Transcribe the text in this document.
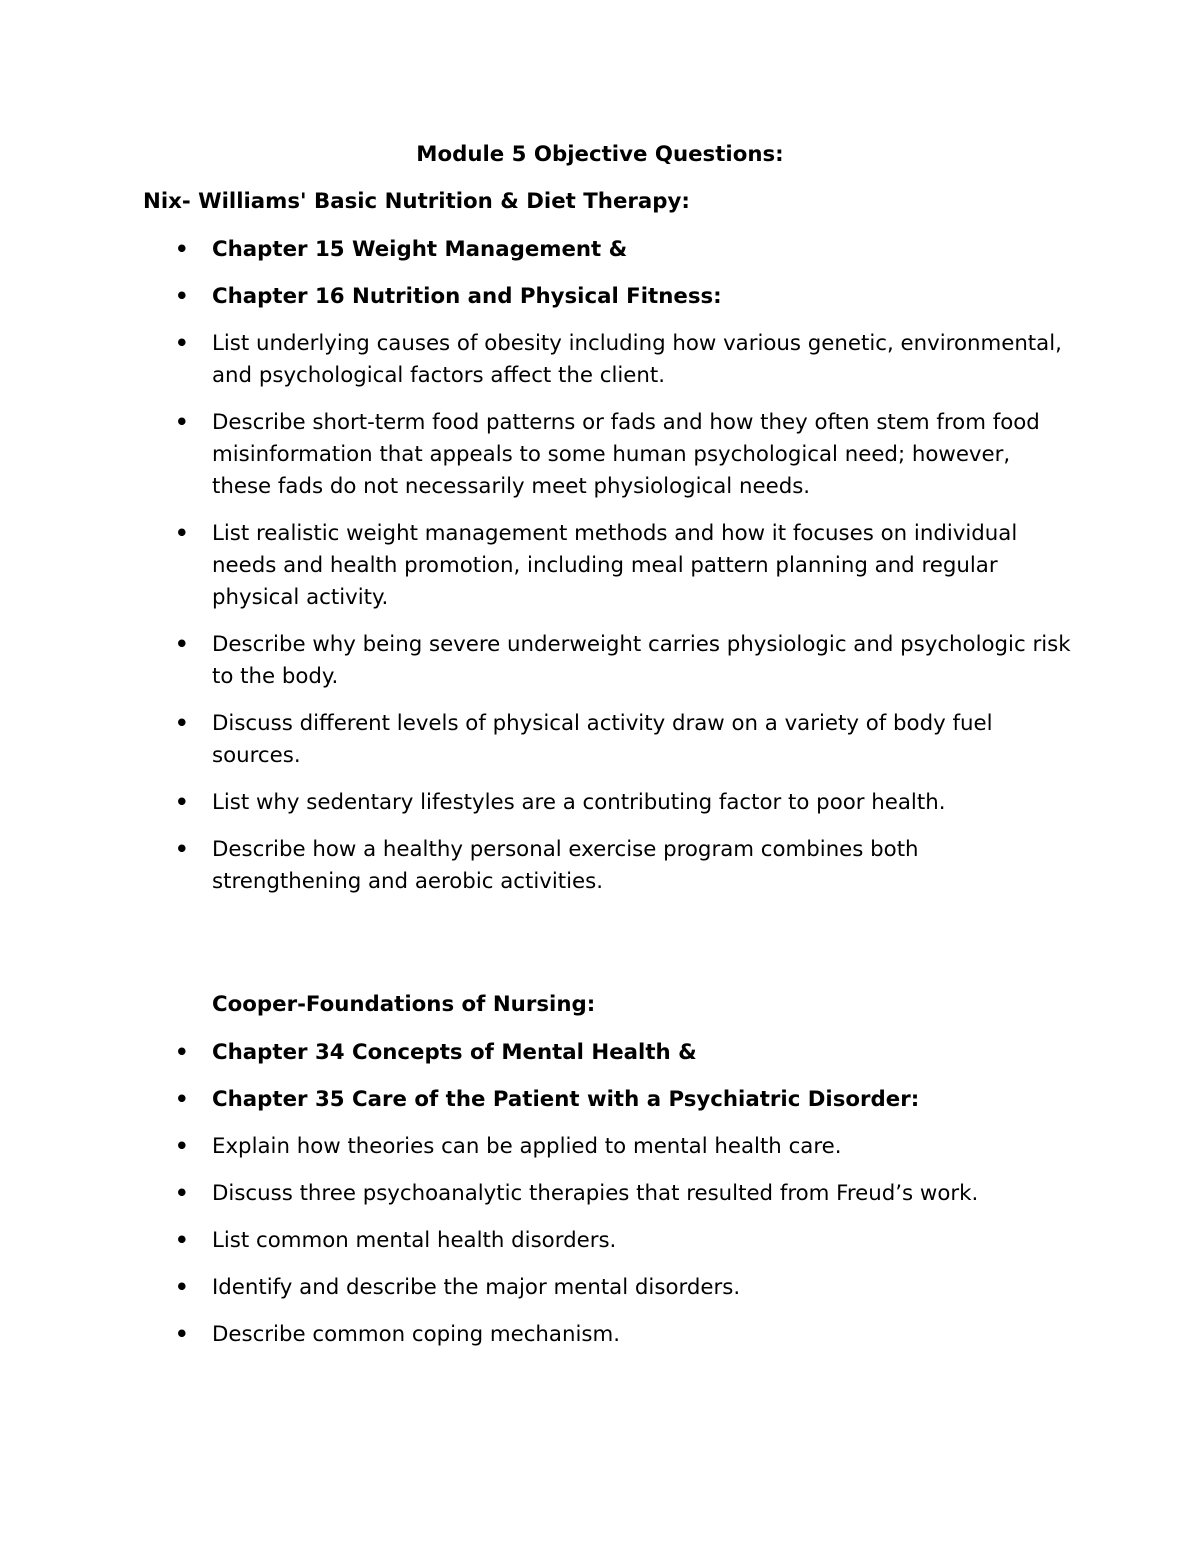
Module 5 Objective Questions:

Nix- Williams' Basic Nutrition & Diet Therapy:

• Chapter 15 Weight Management &
• Chapter 16 Nutrition and Physical Fitness:
• List underlying causes of obesity including how various genetic, environmental, and psychological factors affect the client.
• Describe short-term food patterns or fads and how they often stem from food misinformation that appeals to some human psychological need; however, these fads do not necessarily meet physiological needs.
• List realistic weight management methods and how it focuses on individual needs and health promotion, including meal pattern planning and regular physical activity.
• Describe why being severe underweight carries physiologic and psychologic risk to the body.
• Discuss different levels of physical activity draw on a variety of body fuel sources.
• List why sedentary lifestyles are a contributing factor to poor health.
• Describe how a healthy personal exercise program combines both strengthening and aerobic activities.

Cooper-Foundations of Nursing:

• Chapter 34 Concepts of Mental Health &
• Chapter 35 Care of the Patient with a Psychiatric Disorder:
• Explain how theories can be applied to mental health care.
• Discuss three psychoanalytic therapies that resulted from Freud’s work.
• List common mental health disorders.
• Identify and describe the major mental disorders.
• Describe common coping mechanism.
